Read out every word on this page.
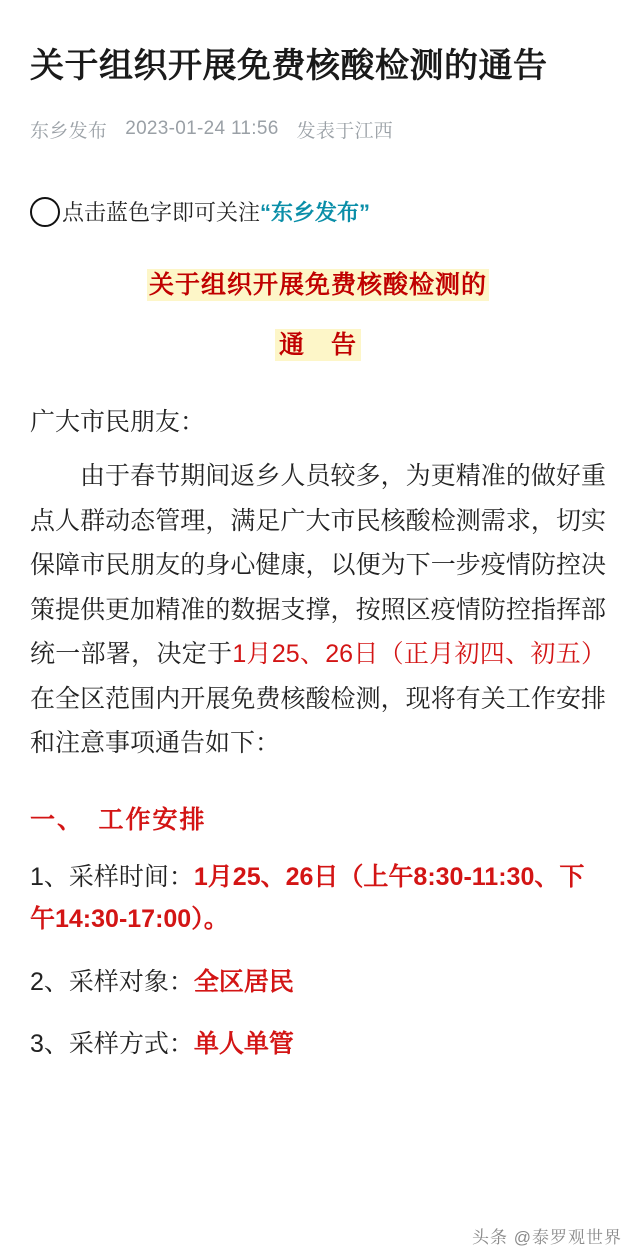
关于组织开展免费核酸检测的通告
东乡发布 2023-01-24 11:56 发表于江西
点击蓝色字即可关注 “东乡发布”
关于组织开展免费核酸检测的
通　告
广大市民朋友：

由于春节期间返乡人员较多，为更精准的做好重点人群动态管理，满足广大市民核酸检测需求，切实保障市民朋友的身心健康，以便为下一步疫情防控决策提供更加精准的数据支撑，按照区疫情防控指挥部统一部署，决定于1月25、26日（正月初四、初五）在全区范围内开展免费核酸检测，现将有关工作安排和注意事项通告如下：

一、　工作安排
1、采样时间：1月25、26日（上午8:30-11:30、下午14:30-17:00）。
2、采样对象：全区居民
3、采样方式：单人单管
头条 @泰罗观世界
